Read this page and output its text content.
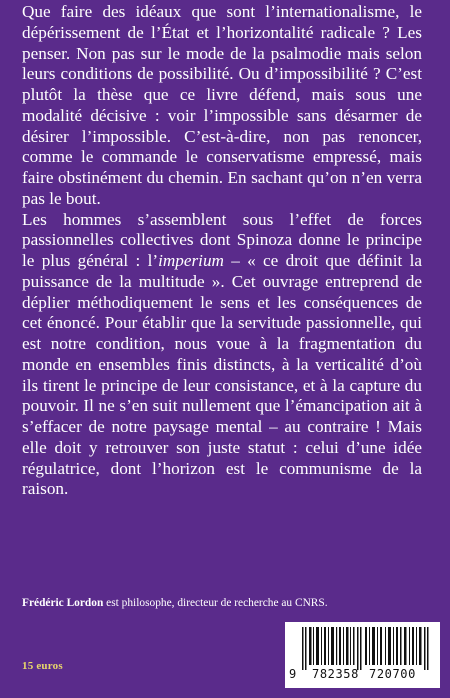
Que faire des idéaux que sont l’internationalisme, le dépérissement de l’État et l’horizontalité radicale ? Les penser. Non pas sur le mode de la psalmodie mais selon leurs conditions de possibilité. Ou d’impossibilité ? C’est plutôt la thèse que ce livre défend, mais sous une modalité décisive : voir l’impossible sans désarmer de désirer l’impossible. C’est-à-dire, non pas renoncer, comme le commande le conservatisme empressé, mais faire obstinément du chemin. En sachant qu’on n’en verra pas le bout.

Les hommes s’assemblent sous l’effet de forces passionnelles collectives dont Spinoza donne le principe le plus général : l’imperium – « ce droit que définit la puissance de la multitude ». Cet ouvrage entreprend de déplier méthodiquement le sens et les conséquences de cet énoncé. Pour établir que la servitude passionnelle, qui est notre condition, nous voue à la fragmentation du monde en ensembles finis distincts, à la verticalité d’où ils tirent le principe de leur consistance, et à la capture du pouvoir. Il ne s’en suit nullement que l’émancipation ait à s’effacer de notre paysage mental – au contraire ! Mais elle doit y retrouver son juste statut : celui d’une idée régulatrice, dont l’horizon est le communisme de la raison.

Frédéric Lordon est philosophe, directeur de recherche au CNRS.
15 euros
9 782358 720700
